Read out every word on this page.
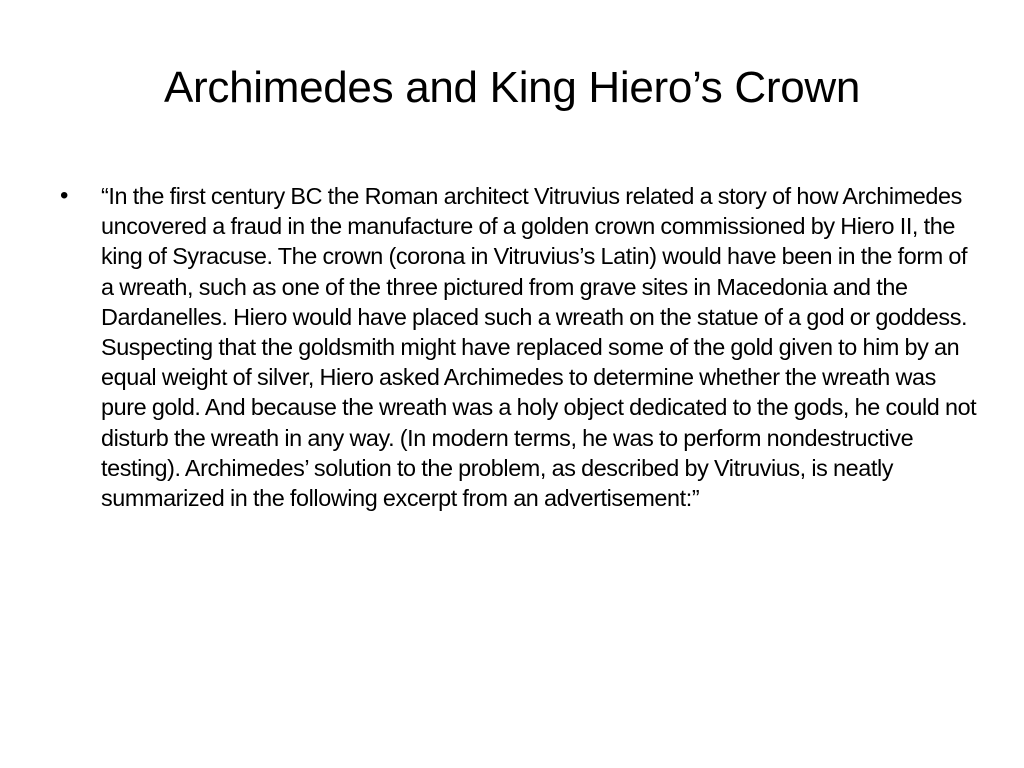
Archimedes and King Hiero’s Crown
•	“In the first century BC the Roman architect Vitruvius related a story of how Archimedes uncovered a fraud in the manufacture of a golden crown commissioned by Hiero II, the king of Syracuse. The crown (corona in Vitruvius’s Latin) would have been in the form of a wreath, such as one of the three pictured from grave sites in Macedonia and the Dardanelles. Hiero would have placed such a wreath on the statue of a god or goddess. Suspecting that the goldsmith might have replaced some of the gold given to him by an equal weight of silver, Hiero asked Archimedes to determine whether the wreath was pure gold. And because the wreath was a holy object dedicated to the gods, he could not disturb the wreath in any way. (In modern terms, he was to perform nondestructive testing). Archimedes’ solution to the problem, as described by Vitruvius, is neatly summarized in the following excerpt from an advertisement:”
